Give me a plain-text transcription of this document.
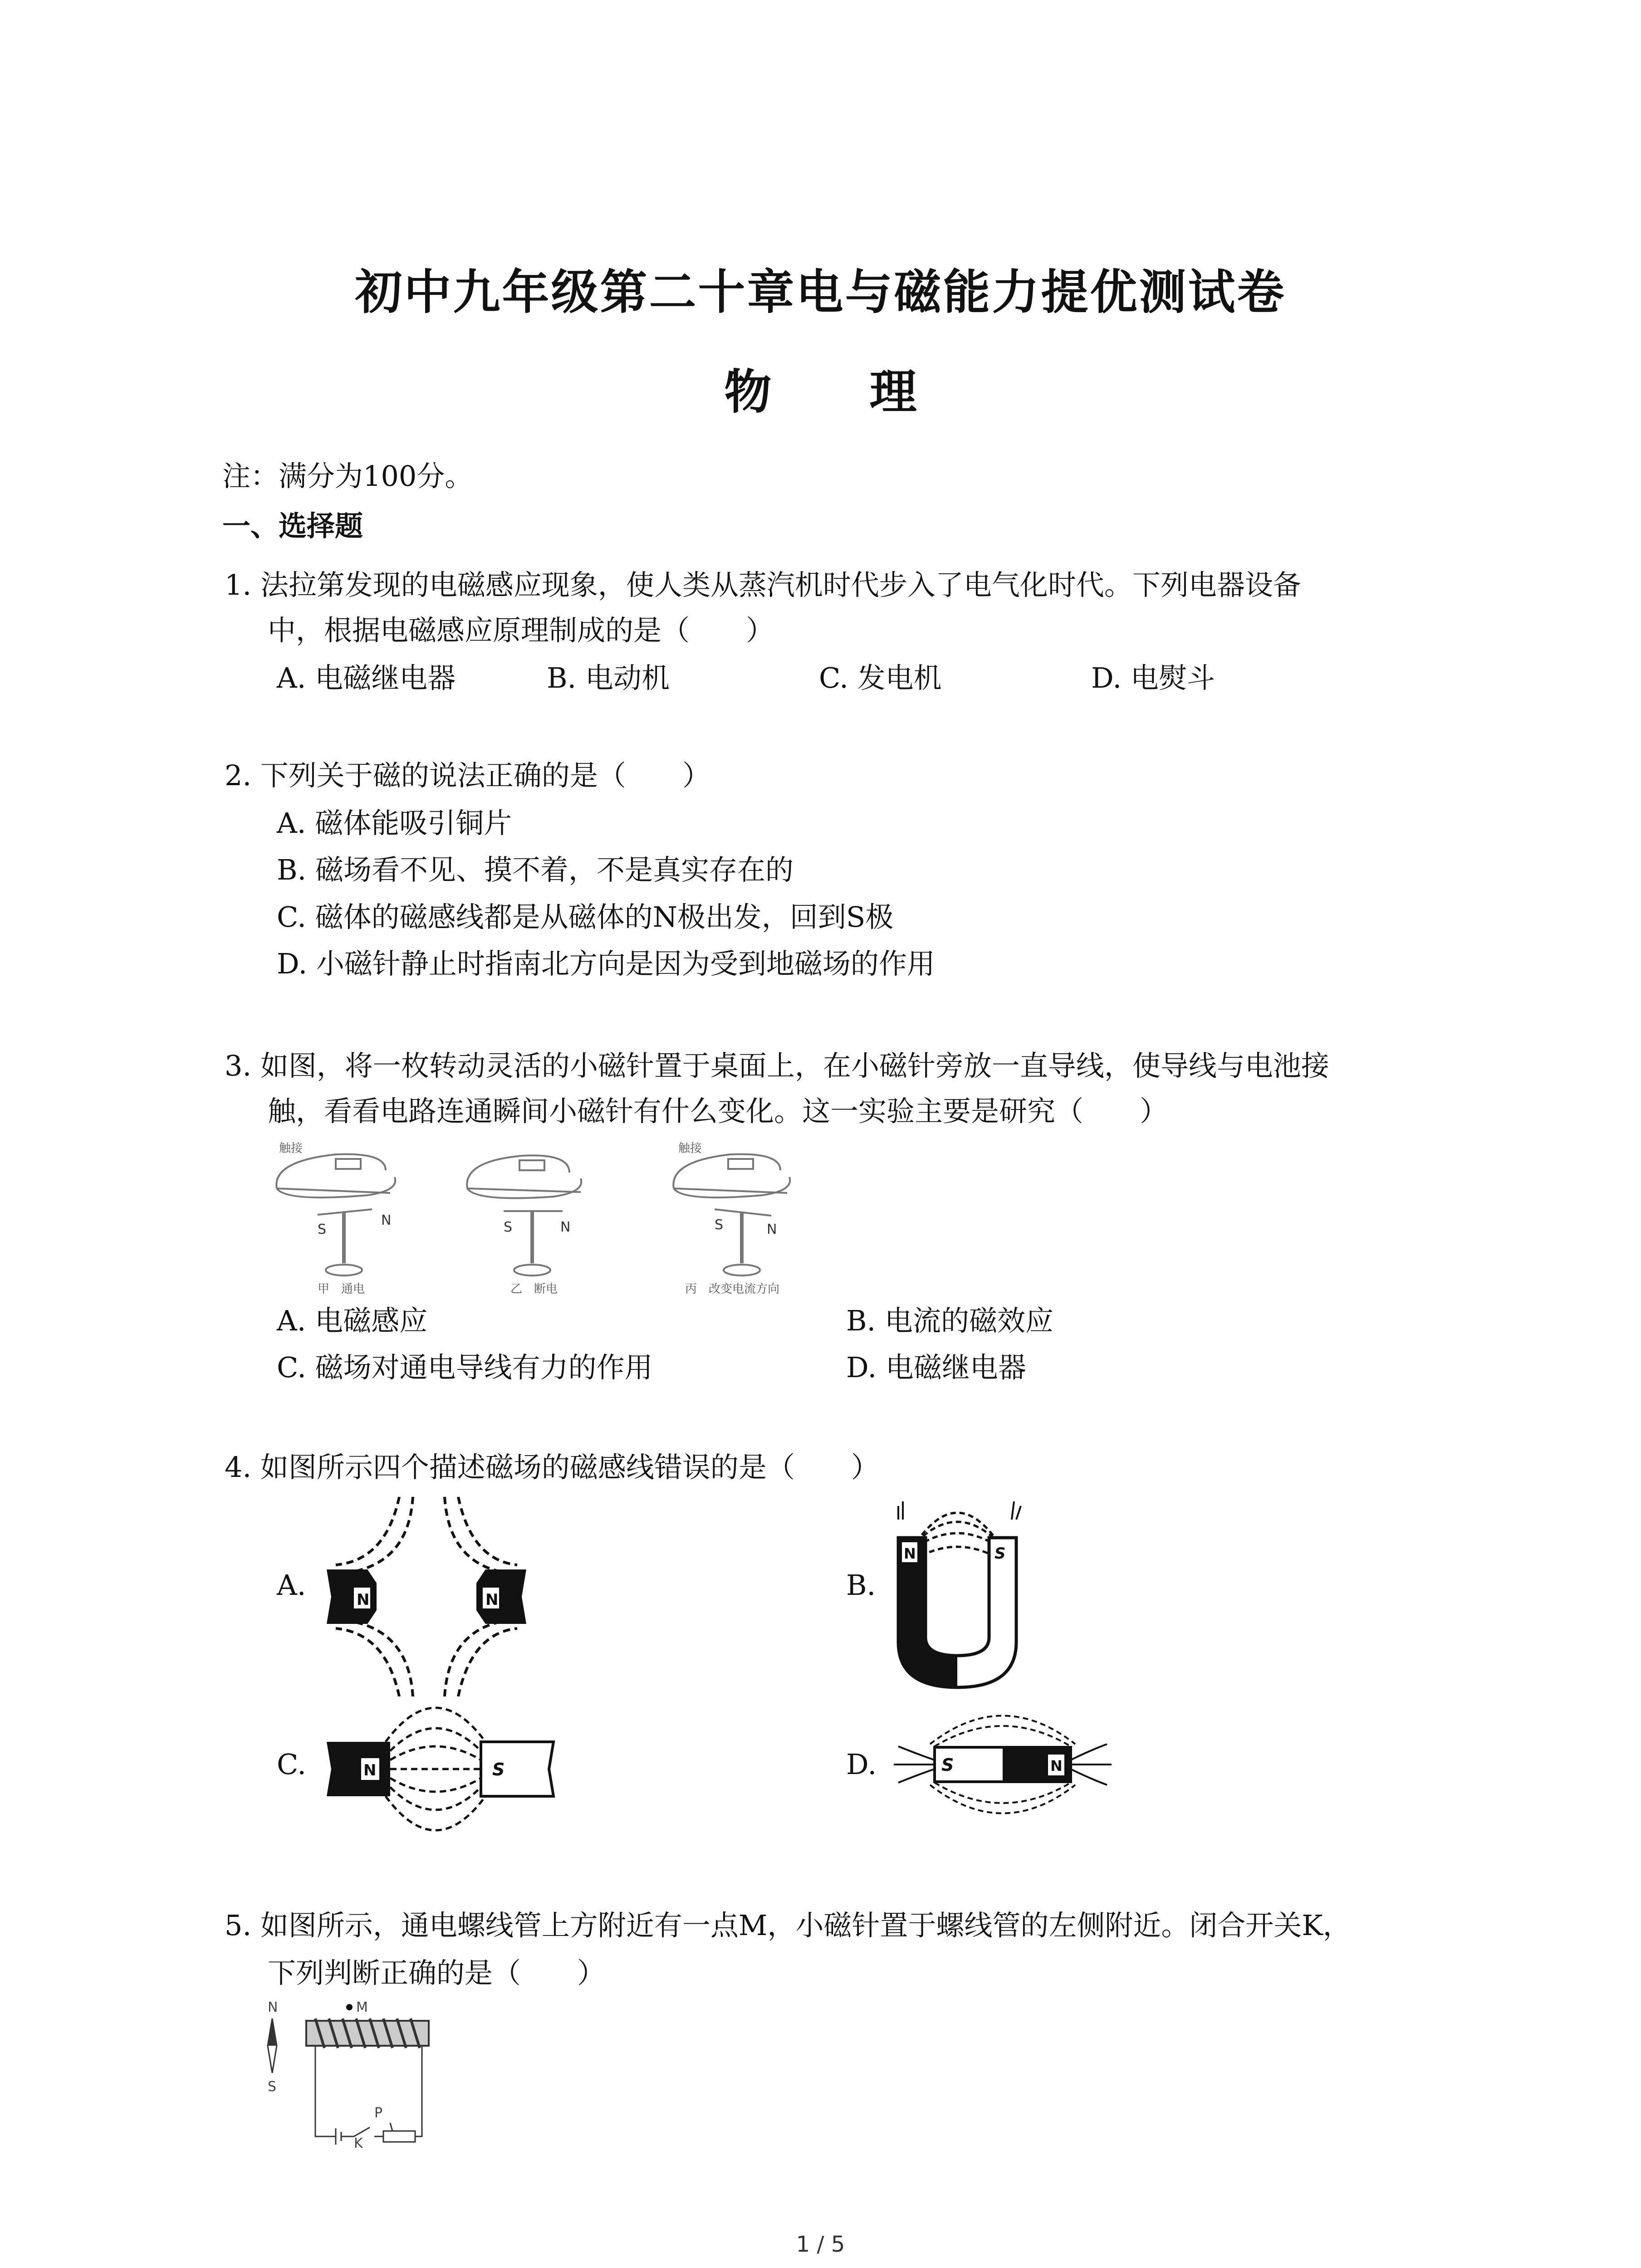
初中九年级第二十章电与磁能力提优测试卷
物 理
注：满分为100分。
一、选择题
1. 法拉第发现的电磁感应现象，使人类从蒸汽机时代步入了电气化时代。下列电器设备
中，根据电磁感应原理制成的是（　　）
A. 电磁继电器	B. 电动机	C. 发电机	D. 电熨斗
2. 下列关于磁的说法正确的是（　　）
A. 磁体能吸引铜片
B. 磁场看不见、摸不着，不是真实存在的
C. 磁体的磁感线都是从磁体的N极出发，回到S极
D. 小磁针静止时指南北方向是因为受到地磁场的作用
3. 如图，将一枚转动灵活的小磁针置于桌面上，在小磁针旁放一直导线，使导线与电池接
触，看看电路连通瞬间小磁针有什么变化。这一实验主要是研究（　　）
触接
甲　通电	乙　断电
触接
丙　改变电流方向
S
N	S	N	S	N
A. 电磁感应	B. 电流的磁效应
C. 磁场对通电导线有力的作用	D. 电磁继电器
4. 如图所示四个描述磁场的磁感线错误的是（　　）
A.	N	N	B.
N	S
C.	N	S	D.	S	N
5. 如图所示，通电螺线管上方附近有一点M，小磁针置于螺线管的左侧附近。闭合开关K，
下列判断正确的是（　　）
N
S
M
P
K
1 / 5
